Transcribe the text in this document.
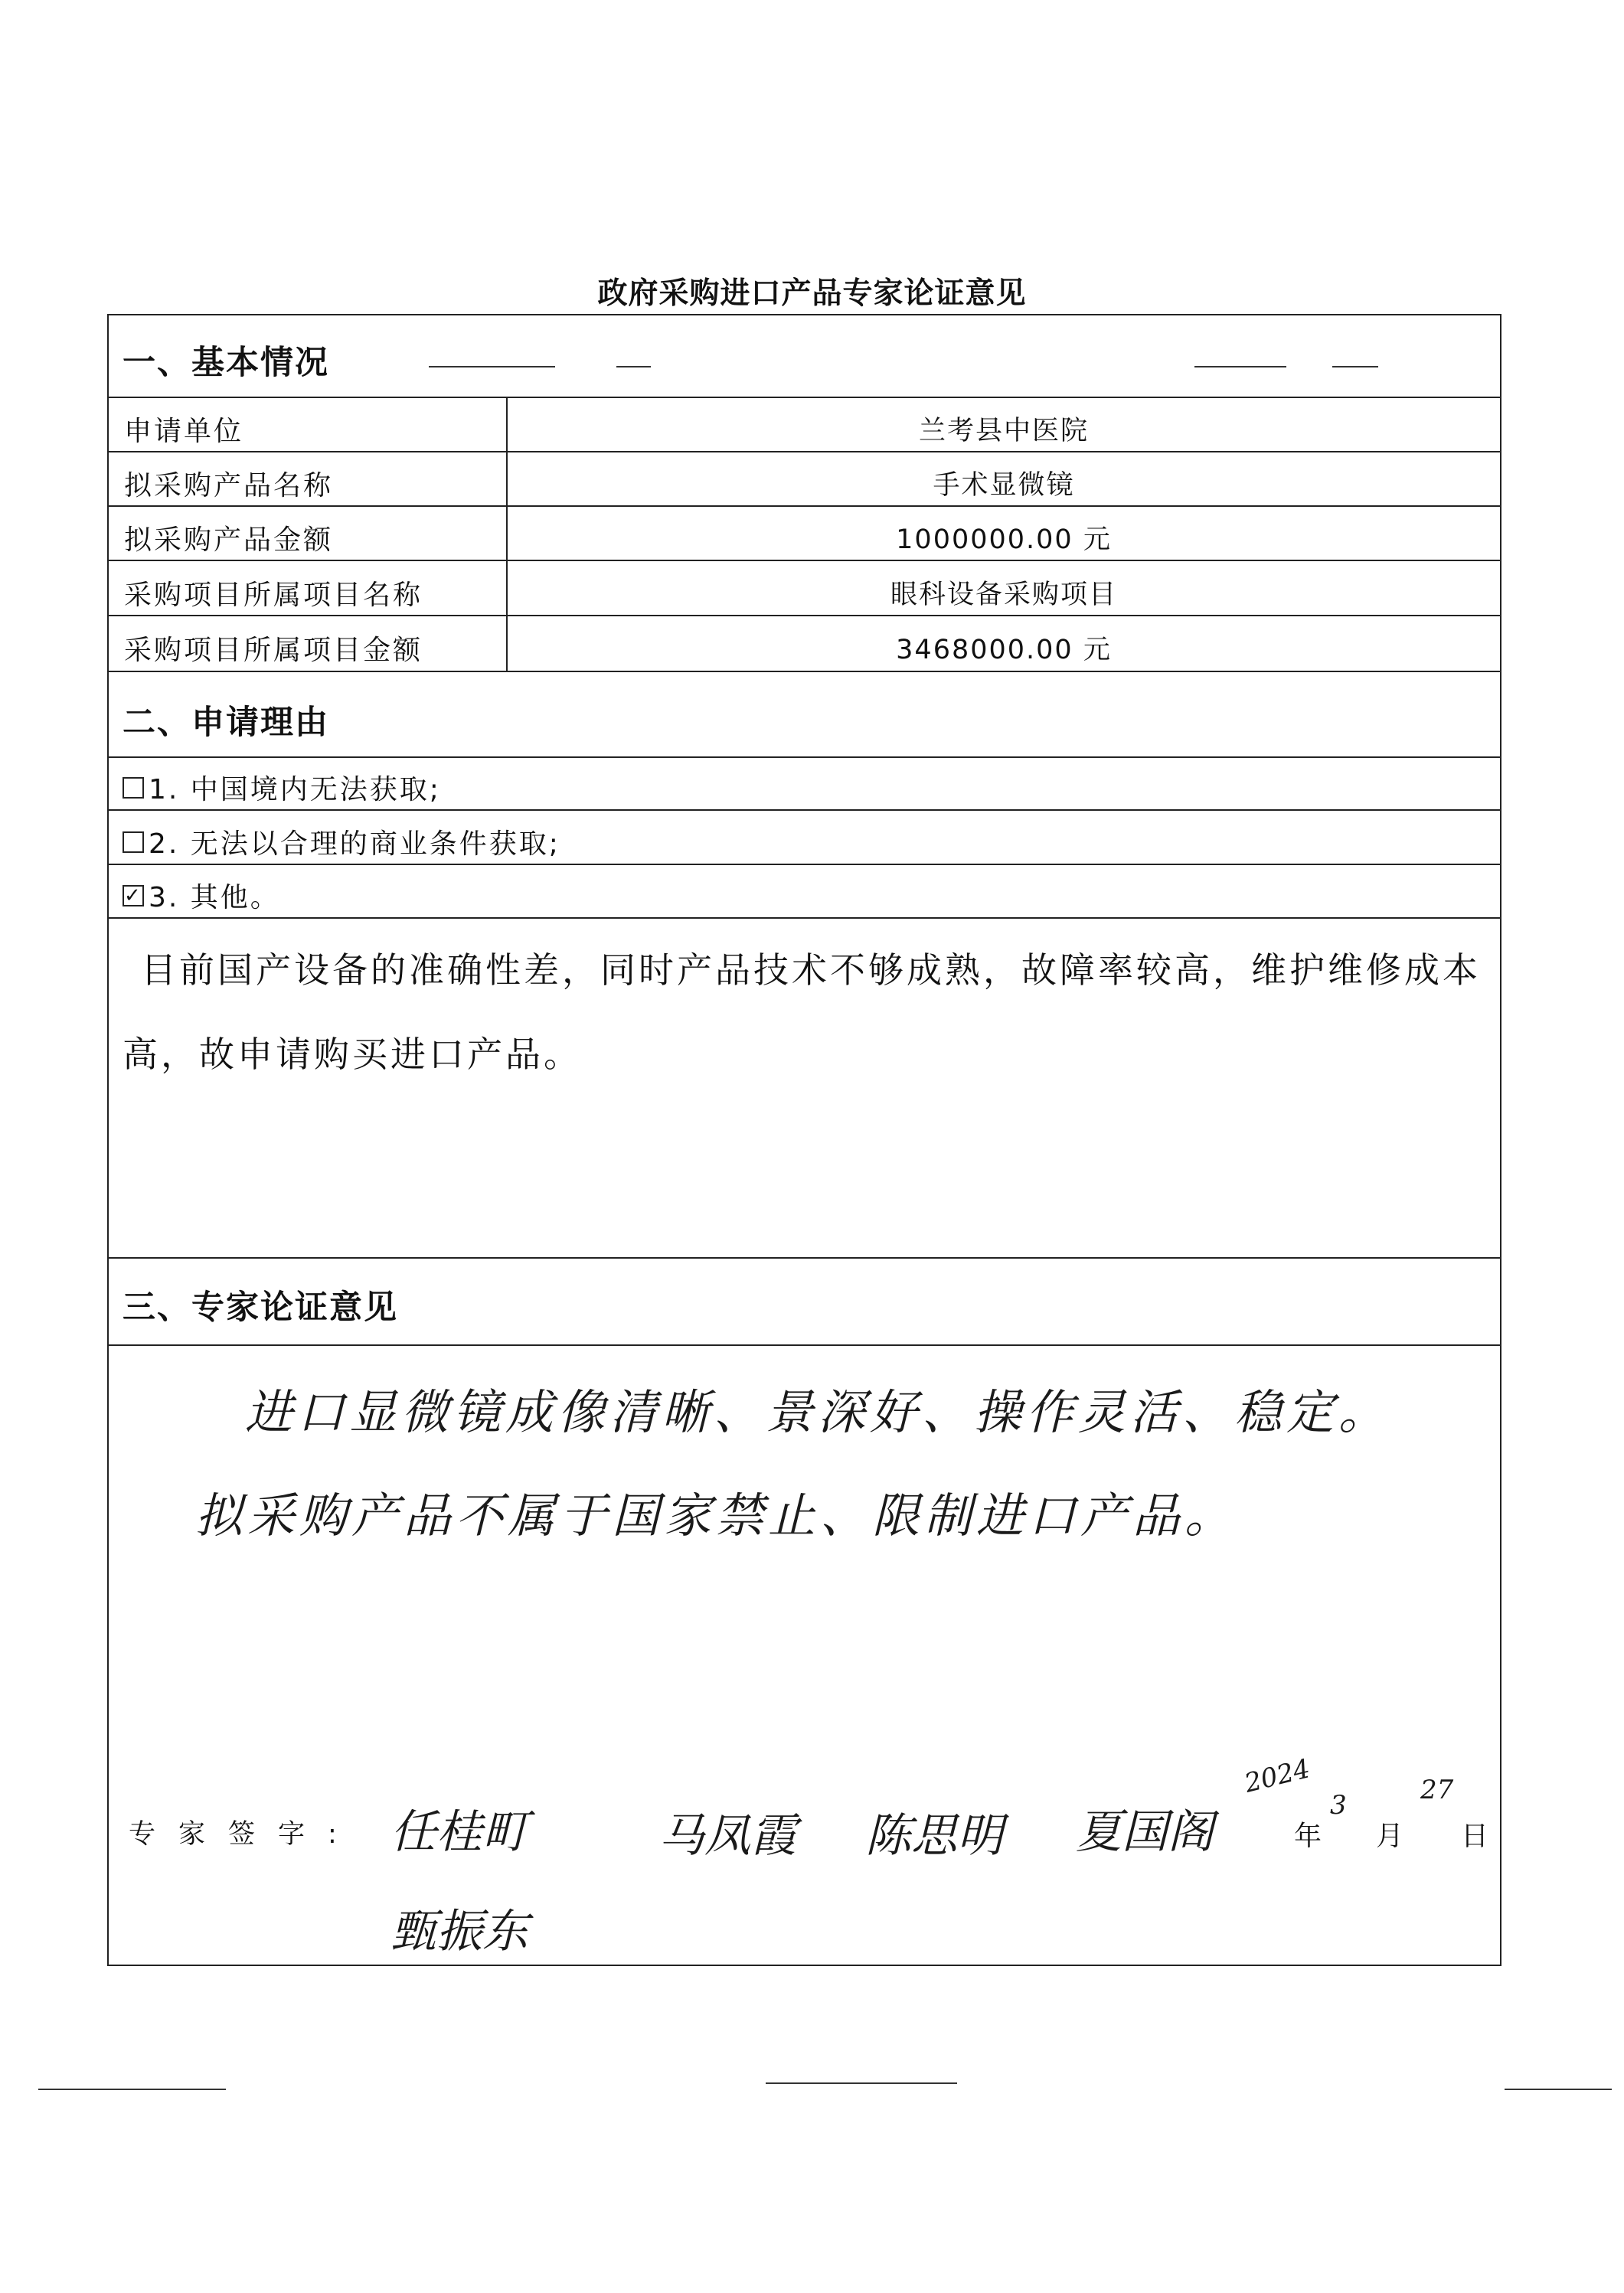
政府采购进口产品专家论证意见
一、基本情况
申请单位	兰考县中医院
拟采购产品名称	手术显微镜
拟采购产品金额	1000000.00 元
采购项目所属项目名称	眼科设备采购项目
采购项目所属项目金额	3468000.00 元
二、申请理由
1. 中国境内无法获取;
2. 无法以合理的商业条件获取;
✓ 3. 其他。
目前国产设备的准确性差，同时产品技术不够成熟，故障率较高，维护维修成本高，故申请购买进口产品。
三、专家论证意见
进口显微镜成像清晰、景深好、操作灵活、稳定。
拟采购产品不属于国家禁止、限制进口产品。
专家签字: 任桂町	马凤霞 陈思明 夏国阁
甄振东
2024
年
3
月
27
日
